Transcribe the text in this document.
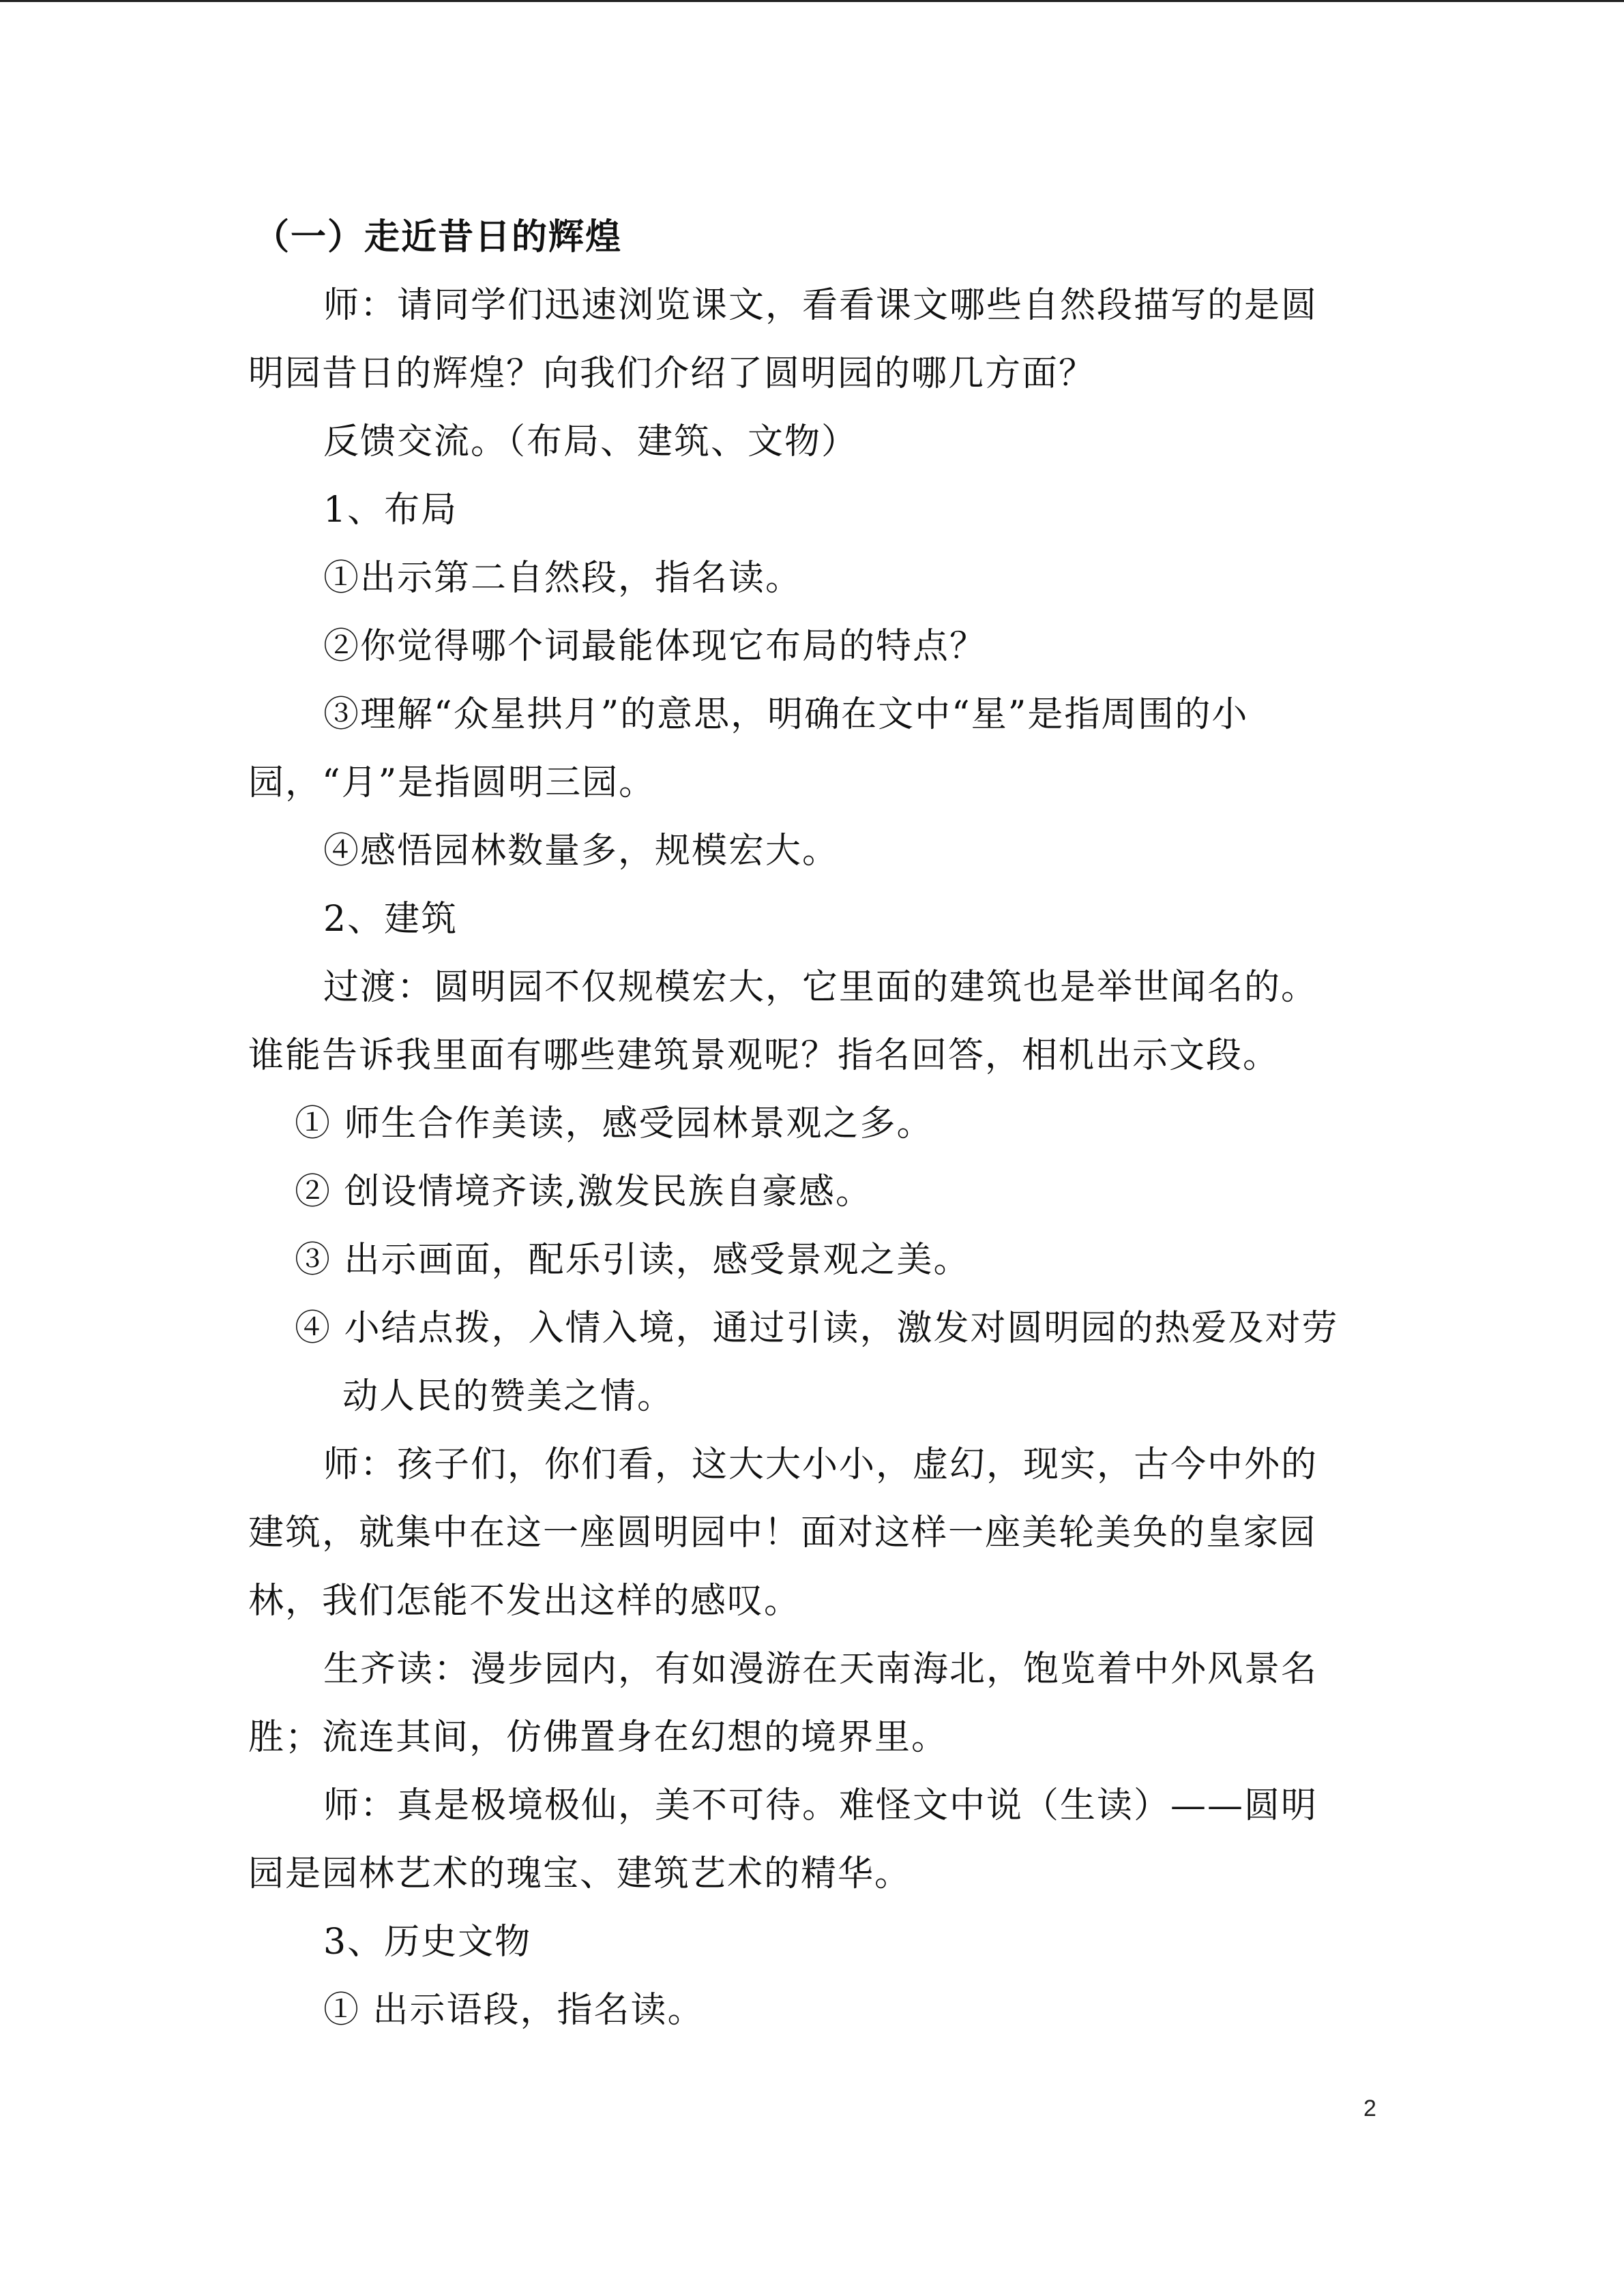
（一）走近昔日的辉煌
师：请同学们迅速浏览课文，看看课文哪些自然段描写的是圆
明园昔日的辉煌？向我们介绍了圆明园的哪几方面？
反馈交流。（布局、建筑、文物）
1、布局
①出示第二自然段，指名读。
②你觉得哪个词最能体现它布局的特点？
③理解“众星拱月”的意思，明确在文中“星”是指周围的小
园，“月”是指圆明三园。
④感悟园林数量多，规模宏大。
2、建筑
过渡：圆明园不仅规模宏大，它里面的建筑也是举世闻名的。
谁能告诉我里面有哪些建筑景观呢？指名回答，相机出示文段。
① 师生合作美读，感受园林景观之多。
② 创设情境齐读,激发民族自豪感。
③ 出示画面，配乐引读，感受景观之美。
④ 小结点拨，入情入境，通过引读，激发对圆明园的热爱及对劳
动人民的赞美之情。
师：孩子们，你们看，这大大小小，虚幻，现实，古今中外的
建筑，就集中在这一座圆明园中！面对这样一座美轮美奂的皇家园
林，我们怎能不发出这样的感叹。
生齐读：漫步园内，有如漫游在天南海北，饱览着中外风景名
胜；流连其间，仿佛置身在幻想的境界里。
师：真是极境极仙，美不可待。难怪文中说（生读）——圆明
园是园林艺术的瑰宝、建筑艺术的精华。
3、历史文物
① 出示语段，指名读。
2
